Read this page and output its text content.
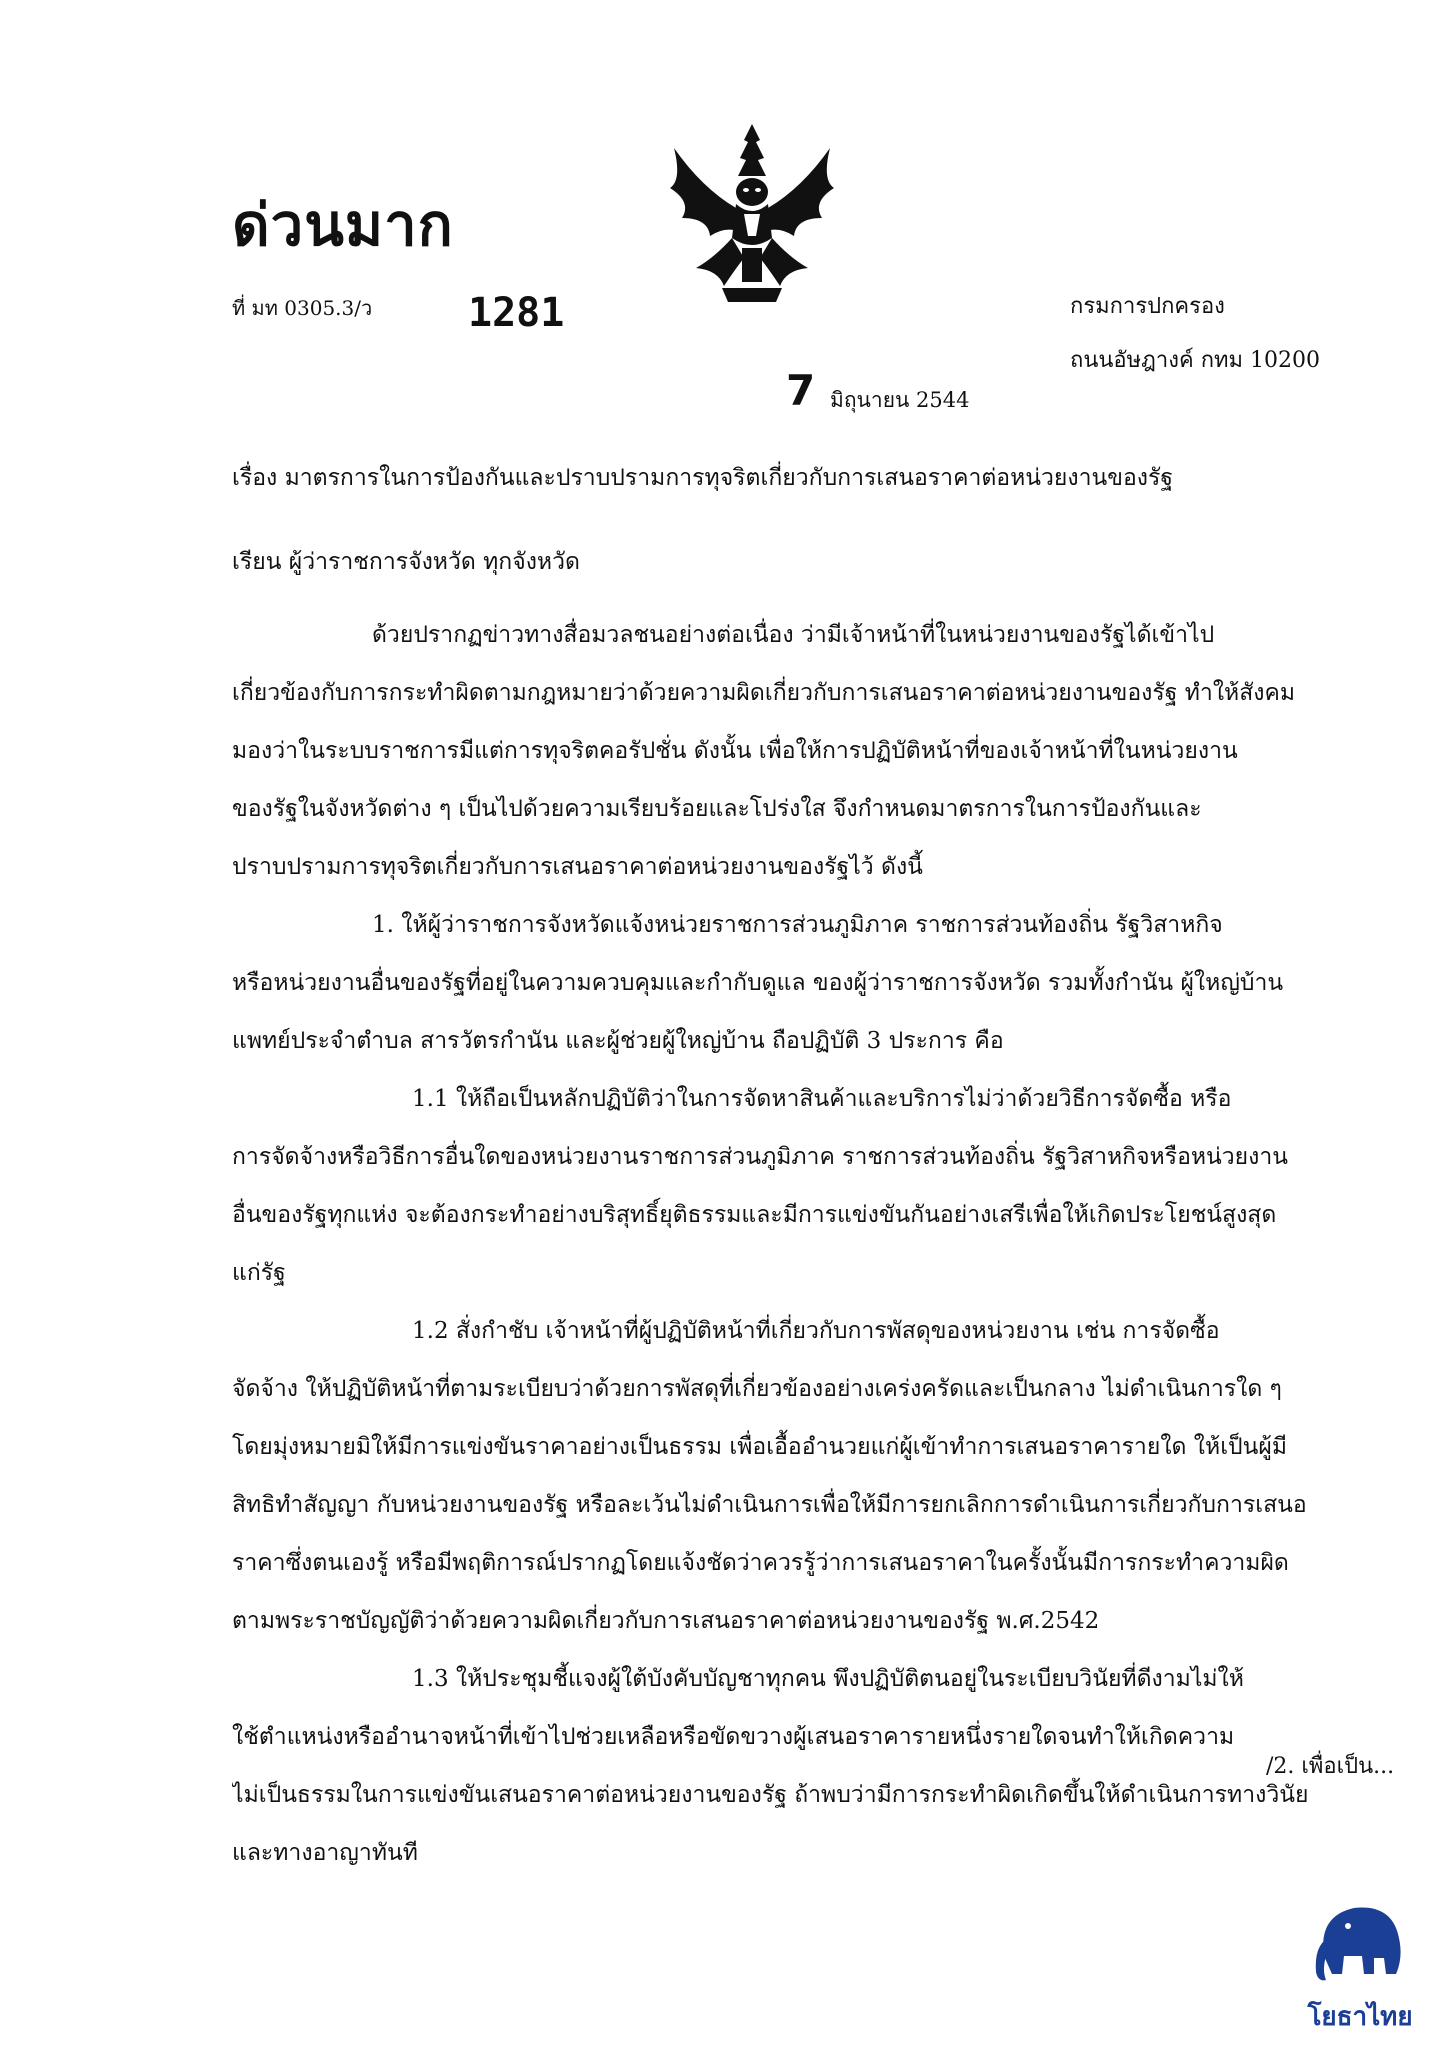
ด่วนมาก
ที่ มท 0305.3/ว 1281	กรมการปกครอง
ถนนอัษฎางค์ กทม 10200
7 มิถุนายน 2544
เรื่อง มาตรการในการป้องกันและปราบปรามการทุจริตเกี่ยวกับการเสนอราคาต่อหน่วยงานของรัฐ
เรียน ผู้ว่าราชการจังหวัด ทุกจังหวัด
ด้วยปรากฏข่าวทางสื่อมวลชนอย่างต่อเนื่อง ว่ามีเจ้าหน้าที่ในหน่วยงานของรัฐได้เข้าไป
เกี่ยวข้องกับการกระทำผิดตามกฎหมายว่าด้วยความผิดเกี่ยวกับการเสนอราคาต่อหน่วยงานของรัฐ ทำให้สังคม
มองว่าในระบบราชการมีแต่การทุจริตคอรัปชั่น ดังนั้น เพื่อให้การปฏิบัติหน้าที่ของเจ้าหน้าที่ในหน่วยงาน
ของรัฐในจังหวัดต่าง ๆ เป็นไปด้วยความเรียบร้อยและโปร่งใส จึงกำหนดมาตรการในการป้องกันและ
ปราบปรามการทุจริตเกี่ยวกับการเสนอราคาต่อหน่วยงานของรัฐไว้ ดังนี้
1. ให้ผู้ว่าราชการจังหวัดแจ้งหน่วยราชการส่วนภูมิภาค ราชการส่วนท้องถิ่น รัฐวิสาหกิจ
หรือหน่วยงานอื่นของรัฐที่อยู่ในความควบคุมและกำกับดูแล ของผู้ว่าราชการจังหวัด รวมทั้งกำนัน ผู้ใหญ่บ้าน
แพทย์ประจำตำบล สารวัตรกำนัน และผู้ช่วยผู้ใหญ่บ้าน ถือปฏิบัติ 3 ประการ คือ
1.1 ให้ถือเป็นหลักปฏิบัติว่าในการจัดหาสินค้าและบริการไม่ว่าด้วยวิธีการจัดซื้อ หรือ
การจัดจ้างหรือวิธีการอื่นใดของหน่วยงานราชการส่วนภูมิภาค ราชการส่วนท้องถิ่น รัฐวิสาหกิจหรือหน่วยงาน
อื่นของรัฐทุกแห่ง จะต้องกระทำอย่างบริสุทธิ์ยุติธรรมและมีการแข่งขันกันอย่างเสรีเพื่อให้เกิดประโยชน์สูงสุด
แก่รัฐ
1.2 สั่งกำชับ เจ้าหน้าที่ผู้ปฏิบัติหน้าที่เกี่ยวกับการพัสดุของหน่วยงาน เช่น การจัดซื้อ
จัดจ้าง ให้ปฏิบัติหน้าที่ตามระเบียบว่าด้วยการพัสดุที่เกี่ยวข้องอย่างเคร่งครัดและเป็นกลาง ไม่ดำเนินการใด ๆ
โดยมุ่งหมายมิให้มีการแข่งขันราคาอย่างเป็นธรรม เพื่อเอื้ออำนวยแก่ผู้เข้าทำการเสนอราคารายใด ให้เป็นผู้มี
สิทธิทำสัญญา กับหน่วยงานของรัฐ หรือละเว้นไม่ดำเนินการเพื่อให้มีการยกเลิกการดำเนินการเกี่ยวกับการเสนอ
ราคาซึ่งตนเองรู้ หรือมีพฤติการณ์ปรากฏโดยแจ้งชัดว่าควรรู้ว่าการเสนอราคาในครั้งนั้นมีการกระทำความผิด
ตามพระราชบัญญัติว่าด้วยความผิดเกี่ยวกับการเสนอราคาต่อหน่วยงานของรัฐ พ.ศ.2542
1.3 ให้ประชุมชี้แจงผู้ใต้บังคับบัญชาทุกคน พึงปฏิบัติตนอยู่ในระเบียบวินัยที่ดีงามไม่ให้
ใช้ตำแหน่งหรืออำนาจหน้าที่เข้าไปช่วยเหลือหรือขัดขวางผู้เสนอราคารายหนึ่งรายใดจนทำให้เกิดความ
ไม่เป็นธรรมในการแข่งขันเสนอราคาต่อหน่วยงานของรัฐ ถ้าพบว่ามีการกระทำผิดเกิดขึ้นให้ดำเนินการทางวินัย
และทางอาญาทันที
/2. เพื่อเป็น...
โยธาไทย
